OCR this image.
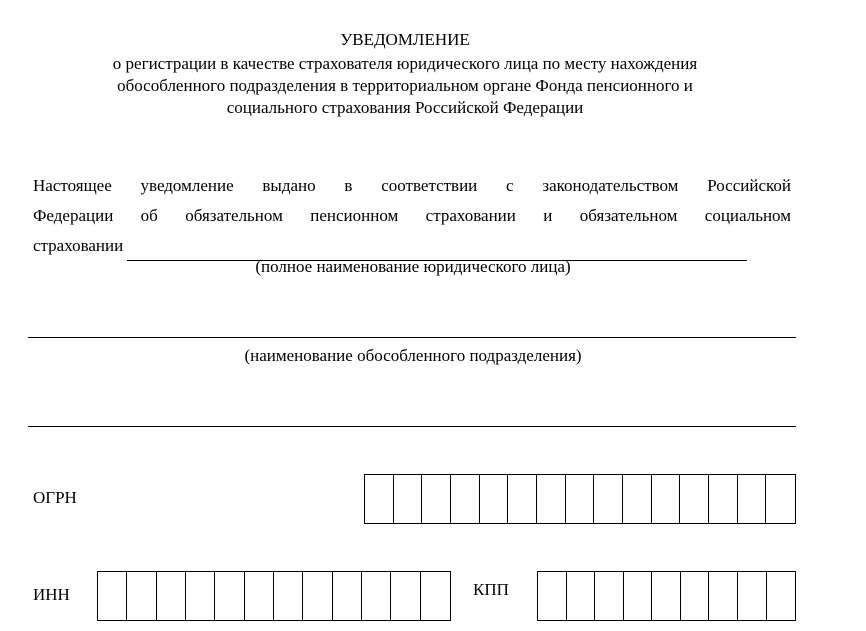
УВЕДОМЛЕНИЕ
о регистрации в качестве страхователя юридического лица по месту нахождения
обособленного подразделения в территориальном органе Фонда пенсионного и
социального страхования Российской Федерации
Настоящее уведомление выдано в соответствии с законодательством Российской
Федерации об обязательном пенсионном страховании и обязательном социальном
страховании
(полное наименование юридического лица)
(наименование обособленного подразделения)
ОГРН
ИНН	КПП
